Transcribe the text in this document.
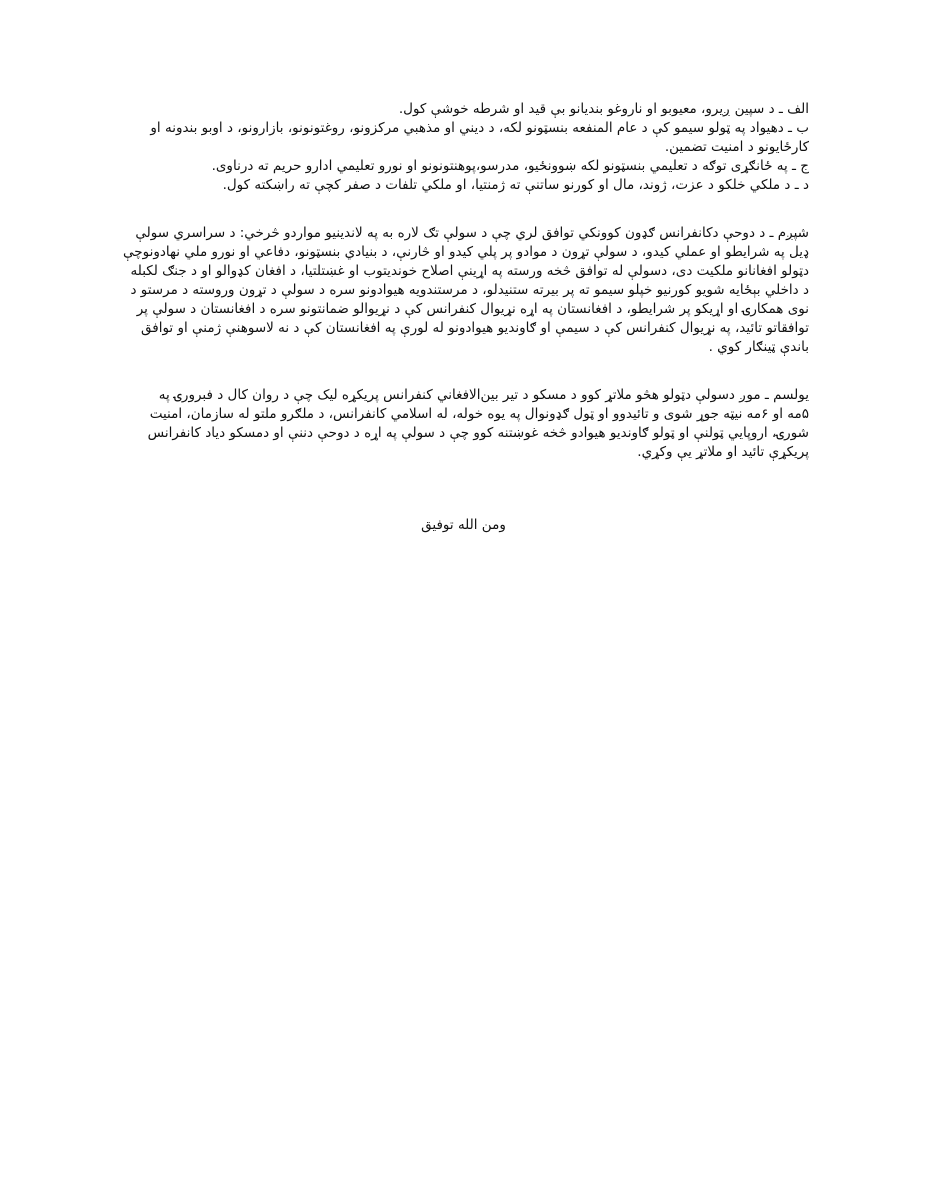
الف ـ د سپین ږیرو، معیوبو او ناروغو بندیانو بې قید او شرطه خوشې کول.
ب ـ دهیواد په ټولو سیمو کې د عام المنفعه بنسټونو لکه، د دیني او مذهبي مرکزونو، روغتونونو، بازارونو، د اوبو بندونه او
کارځایونو د امنیت تضمین.
ج ـ په ځانګړی توګه د تعلیمي بنسټونو لکه ښوونځیو، مدرسو،پوهنتونونو او نورو تعلیمي ادارو حریم ته درناوی.
د ـ د ملکي خلکو د عزت، ژوند، مال او کورنو ساتنې ته ژمنتیا، او ملکي تلفات د صفر کچې ته راښکته کول.
شپږم ـ د دوحې دکانفرانس ګډون کوونکي توافق لري چې د سولې تګ لاره به په لاندینیو مواردو څرخي: د سراسري سولې
ډیل په شرایطو او عملي کیدو، د سولې تړون د موادو پر پلي کیدو او څارنې، د بنیادي بنسټونو، دفاعي او نورو ملي نهادونوچې
دټولو افغانانو ملکیت دی، دسولې له توافق څخه ورسته په اړینې اصلاح خوندیتوب او غښتلتیا، د افغان کډوالو او د جنګ لکبله
د داخلي بېځایه شویو کورنیو خپلو سیمو ته پر بیرته ستنیدلو، د مرستندویه هیوادونو سره د سولې د تړون وروسته د مرستو د
نوی همکارۍ او اړیکو پر شرایطو، د افغانستان په اړه نړیوال کنفرانس کې د نړیوالو ضمانتونو سره د افغانستان د سولې پر
توافقاتو تائید، په نړیوال کنفرانس کې د سیمې او ګاوندیو هیوادونو له لورې په افغانستان کې د نه لاسوهنې ژمنې او توافق
باندې ټینګار کوي .
یولسم ـ موږ دسولې دټولو هڅو ملاتړ کوو د مسکو د تیر بین‌الافغاني کنفرانس پریکړه لیک چې د روان کال د فبرورۍ په
۵مه او ۶مه نیټه جوړ شوی و تائیدوو او ټول ګډونوال په یوه خوله، له اسلامي کانفرانس، د ملګرو ملتو له سازمان، امنیت
شورۍ، اروپایي ټولنې او ټولو ګاوندیو هیوادو څخه غوښتنه کوو چې د سولې په اړه د دوحې دننې او دمسکو دیاد کانفرانس
پریکړې تائید او ملاتړ یې وکړي.
ومن الله توفیق
